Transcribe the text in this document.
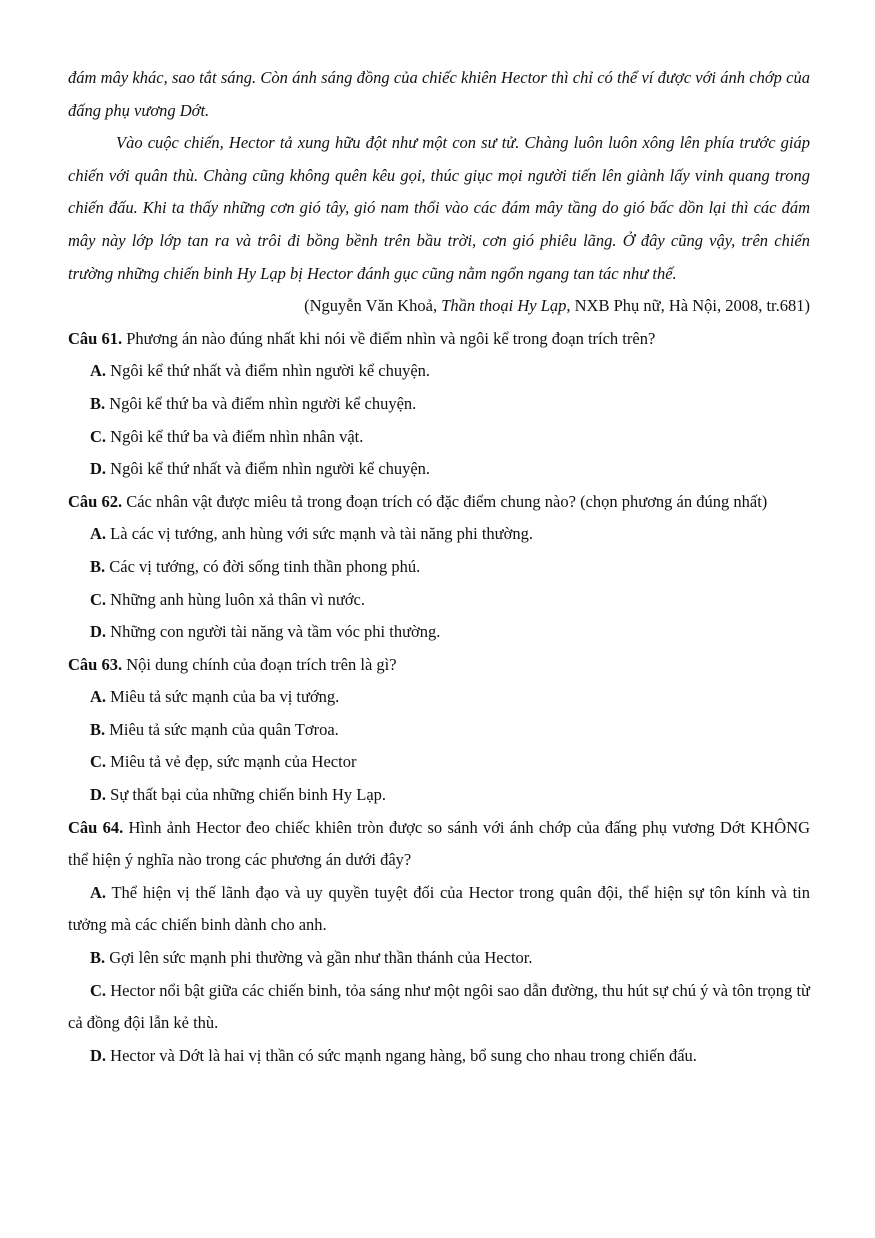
đám mây khác, sao tắt sáng. Còn ánh sáng đồng của chiếc khiên Hector thì chỉ có thể ví được với ánh chớp của đấng phụ vương Dớt.

Vào cuộc chiến, Hector tả xung hữu đột như một con sư tử. Chàng luôn luôn xông lên phía trước giáp chiến với quân thù. Chàng cũng không quên kêu gọi, thúc giục mọi người tiến lên giành lấy vinh quang trong chiến đấu. Khi ta thấy những cơn gió tây, gió nam thổi vào các đám mây tầng do gió bấc dồn lại thì các đám mây này lớp lớp tan ra và trôi đi bồng bềnh trên bầu trời, cơn gió phiêu lãng. Ở đây cũng vậy, trên chiến trường những chiến binh Hy Lạp bị Hector đánh gục cũng nằm ngổn ngang tan tác như thế.

(Nguyễn Văn Khoả, Thần thoại Hy Lạp, NXB Phụ nữ, Hà Nội, 2008, tr.681)

Câu 61. Phương án nào đúng nhất khi nói về điểm nhìn và ngôi kể trong đoạn trích trên?

A. Ngôi kể thứ nhất và điểm nhìn người kể chuyện.

B. Ngôi kể thứ ba và điểm nhìn người kể chuyện.

C. Ngôi kể thứ ba và điểm nhìn nhân vật.

D. Ngôi kể thứ nhất và điểm nhìn người kể chuyện.

Câu 62. Các nhân vật được miêu tả trong đoạn trích có đặc điểm chung nào? (chọn phương án đúng nhất)

A. Là các vị tướng, anh hùng với sức mạnh và tài năng phi thường.

B. Các vị tướng, có đời sống tinh thần phong phú.

C. Những anh hùng luôn xả thân vì nước.

D. Những con người tài năng và tầm vóc phi thường.

Câu 63. Nội dung chính của đoạn trích trên là gì?

A. Miêu tả sức mạnh của ba vị tướng.

B. Miêu tả sức mạnh của quân Tơroa.

C. Miêu tả vẻ đẹp, sức mạnh của Hector

D. Sự thất bại của những chiến binh Hy Lạp.

Câu 64. Hình ảnh Hector đeo chiếc khiên tròn được so sánh với ánh chớp của đấng phụ vương Dớt KHÔNG thể hiện ý nghĩa nào trong các phương án dưới đây?

A. Thể hiện vị thế lãnh đạo và uy quyền tuyệt đối của Hector trong quân đội, thể hiện sự tôn kính và tin tưởng mà các chiến binh dành cho anh.

B. Gợi lên sức mạnh phi thường và gần như thần thánh của Hector.

C. Hector nổi bật giữa các chiến binh, tỏa sáng như một ngôi sao dẫn đường, thu hút sự chú ý và tôn trọng từ cả đồng đội lẫn kẻ thù.

D. Hector và Dớt là hai vị thần có sức mạnh ngang hàng, bổ sung cho nhau trong chiến đấu.
